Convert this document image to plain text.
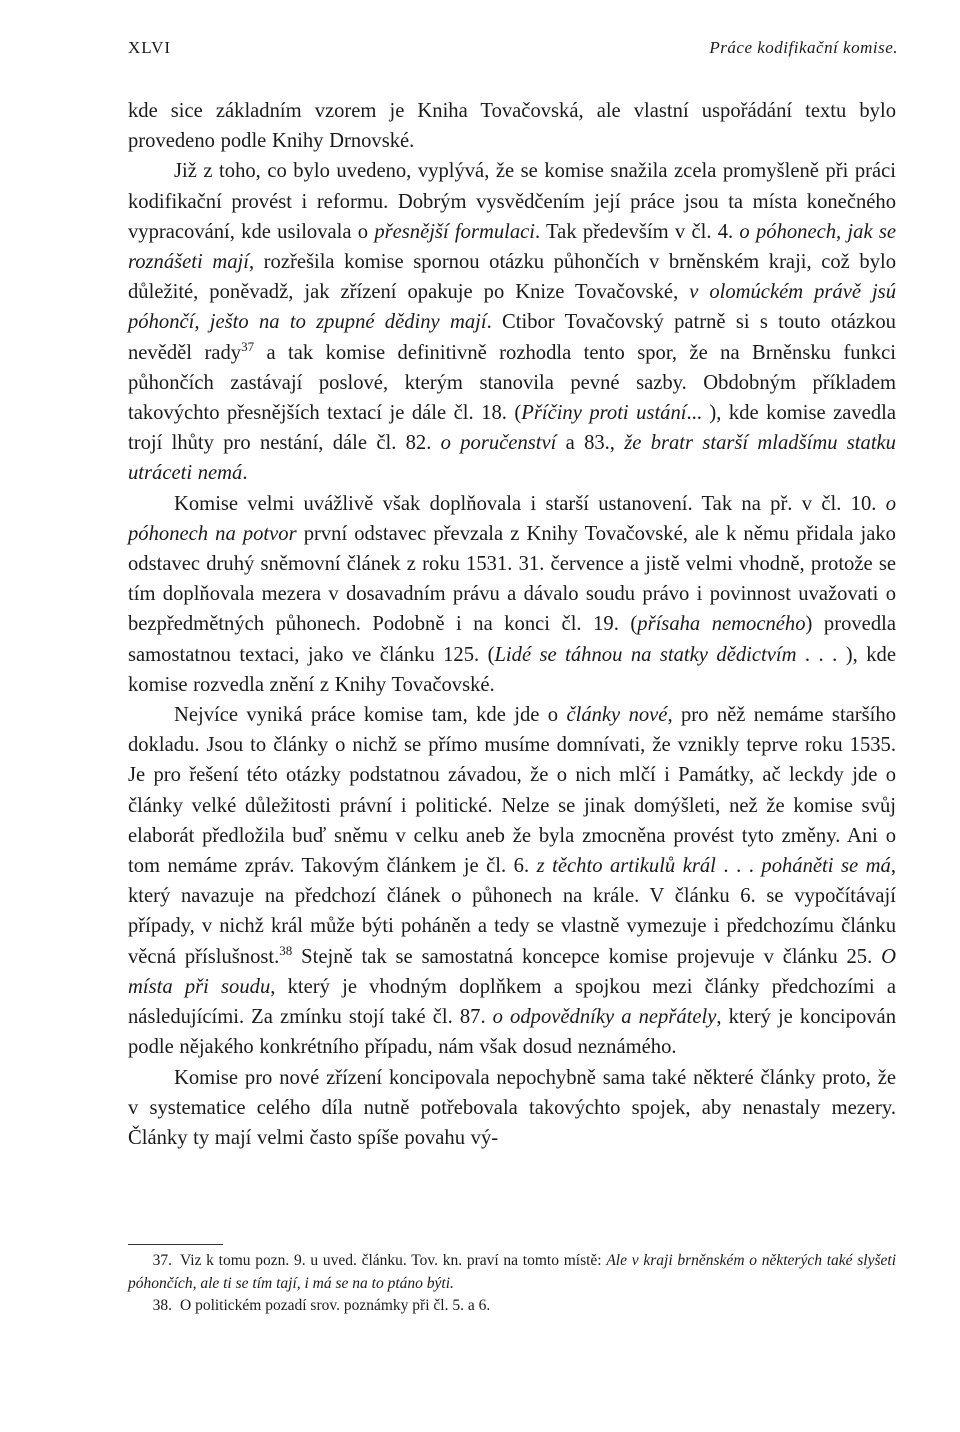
XLVI	Práce kodifikační komise.

kde sice základním vzorem je Kniha Tovačovská, ale vlastní uspořádání textu bylo provedeno podle Knihy Drnovské.

Již z toho, co bylo uvedeno, vyplývá, že se komise snažila zcela promyšleně při práci kodifikační provést i reformu. Dobrým vysvědčením její práce jsou ta místa konečného vypracování, kde usilovala o přesnější formulaci. Tak především v čl. 4. o póhonech, jak se roznášeti mají, rozřešila komise spornou otázku půhončích v brněnském kraji, což bylo důležité, poněvadž, jak zřízení opakuje po Knize Tovačovské, v olomúckém právě jsú póhončí, ješto na to zpupné dědiny mají. Ctibor Tovačovský patrně si s touto otázkou nevěděl rady$^{37}$ a tak komise definitivně rozhodla tento spor, že na Brněnsku funkci půhončích zastávají poslové, kterým stanovila pevné sazby. Obdobným příkladem takovýchto přesnějších textací je dále čl. 18. (Příčiny proti ustání... ), kde komise zavedla trojí lhůty pro nestání, dále čl. 82. o poručenství a 83., že bratr starší mladšímu statku utráceti nemá.

Komise velmi uvážlivě však doplňovala i starší ustanovení. Tak na př. v čl. 10. o póhonech na potvor první odstavec převzala z Knihy Tovačovské, ale k němu přidala jako odstavec druhý sněmovní článek z roku 1531. 31. července a jistě velmi vhodně, protože se tím doplňovala mezera v dosavadním právu a dávalo soudu právo i povinnost uvažovati o bezpředmětných půhonech. Podobně i na konci čl. 19. (přísaha nemocného) provedla samostatnou textaci, jako ve článku 125. (Lidé se táhnou na statky dědictvím . . . ), kde komise rozvedla znění z Knihy Tovačovské.

Nejvíce vyniká práce komise tam, kde jde o články nové, pro něž nemáme staršího dokladu. Jsou to články o nichž se přímo musíme domnívati, že vznikly teprve roku 1535. Je pro řešení této otázky podstatnou závadou, že o nich mlčí i Památky, ač leckdy jde o články velké důležitosti právní i politické. Nelze se jinak domýšleti, než že komise svůj elaborát předložila buď sněmu v celku aneb že byla zmocněna provést tyto změny. Ani o tom nemáme zpráv. Takovým článkem je čl. 6. z těchto artikulů král . . . poháněti se má, který navazuje na předchozí článek o půhonech na krále. V článku 6. se vypočítávají případy, v nichž král může býti poháněn a tedy se vlastně vymezuje i předchozímu článku věcná příslušnost.$^{38}$ Stejně tak se samostatná koncepce komise projevuje v článku 25. O místa při soudu, který je vhodným doplňkem a spojkou mezi články předchozími a následujícími. Za zmínku stojí také čl. 87. o odpovědníky a nepřátely, který je koncipován podle nějakého konkrétního případu, nám však dosud neznámého.

Komise pro nové zřízení koncipovala nepochybně sama také některé články proto, že v systematice celého díla nutně potřebovala takovýchto spojek, aby nenastaly mezery. Články ty mají velmi často spíše povahu vý-

37. Viz k tomu pozn. 9. u uved. článku. Tov. kn. praví na tomto místě: Ale v kraji brněnském o některých také slyšeti póhončích, ale ti se tím tají, i má se na to ptáno býti.

38. O politickém pozadí srov. poznámky při čl. 5. a 6.
